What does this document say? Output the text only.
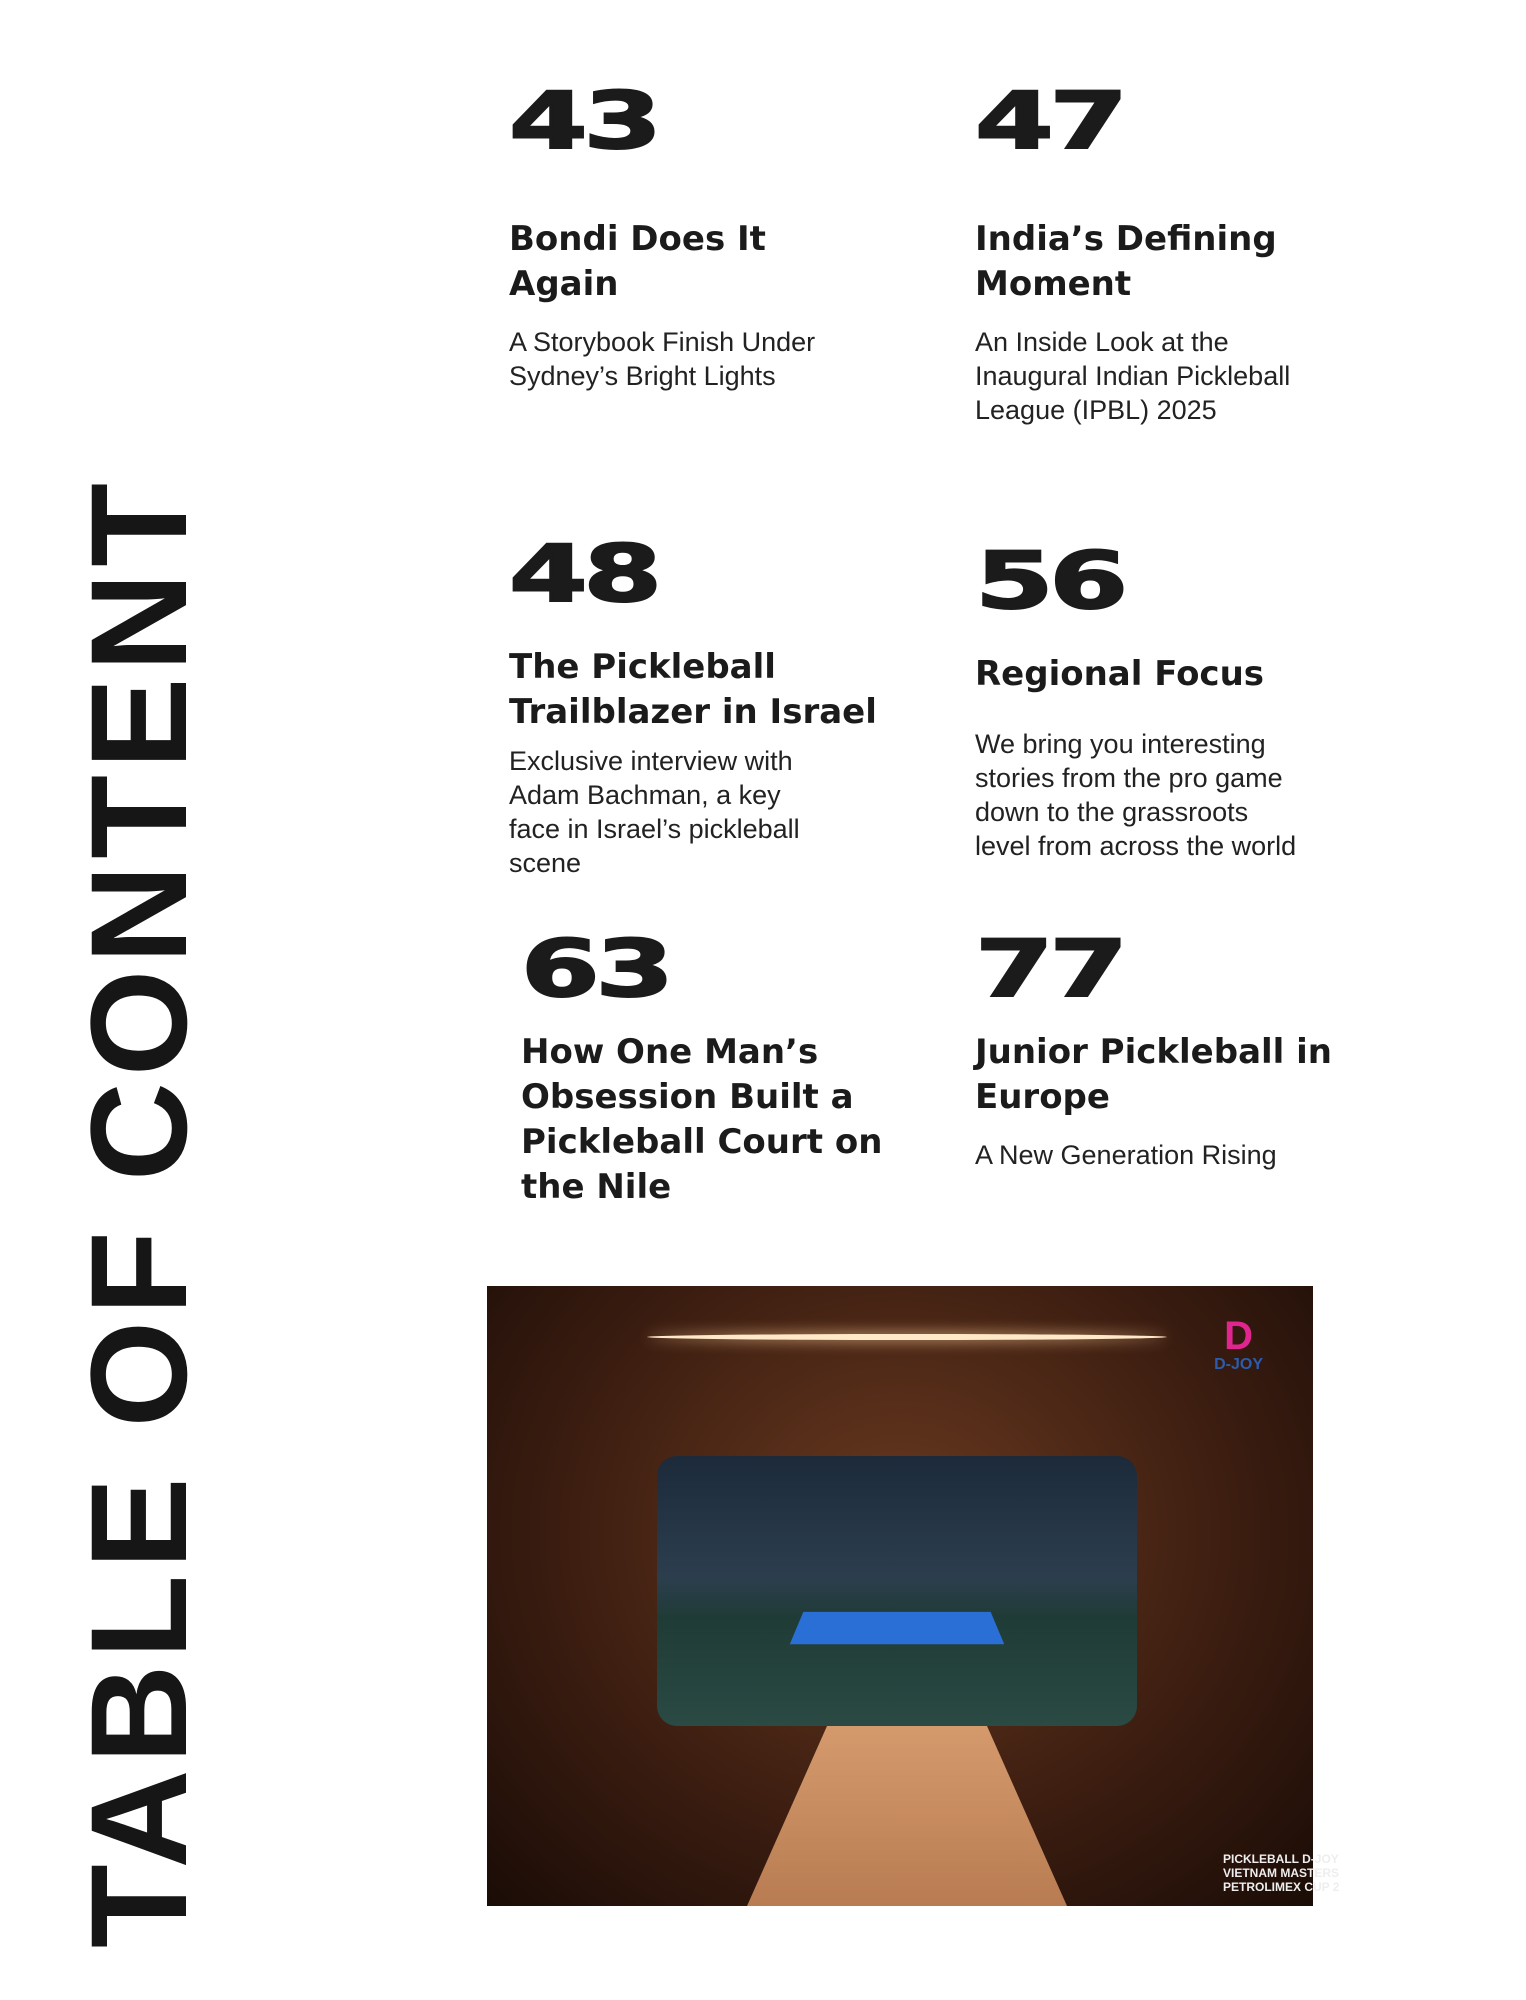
TABLE OF CONTENT
43
Bondi Does It
Again
A Storybook Finish Under Sydney’s Bright Lights
47
India’s Defining
Moment
An Inside Look at the Inaugural Indian Pickleball League (IPBL) 2025
48
The Pickleball
Trailblazer in Israel
Exclusive interview with Adam Bachman, a key face in Israel’s pickleball scene
56
Regional Focus
We bring you interesting stories from the pro game down to the grassroots level from across the world
63
How One Man’s
Obsession Built a
Pickleball Court on
the Nile
77
Junior Pickleball in
Europe
A New Generation Rising
D
D-JOY
PICKLEBALL D-JOY
VIETNAM MASTERS
PETROLIMEX CUP 2
